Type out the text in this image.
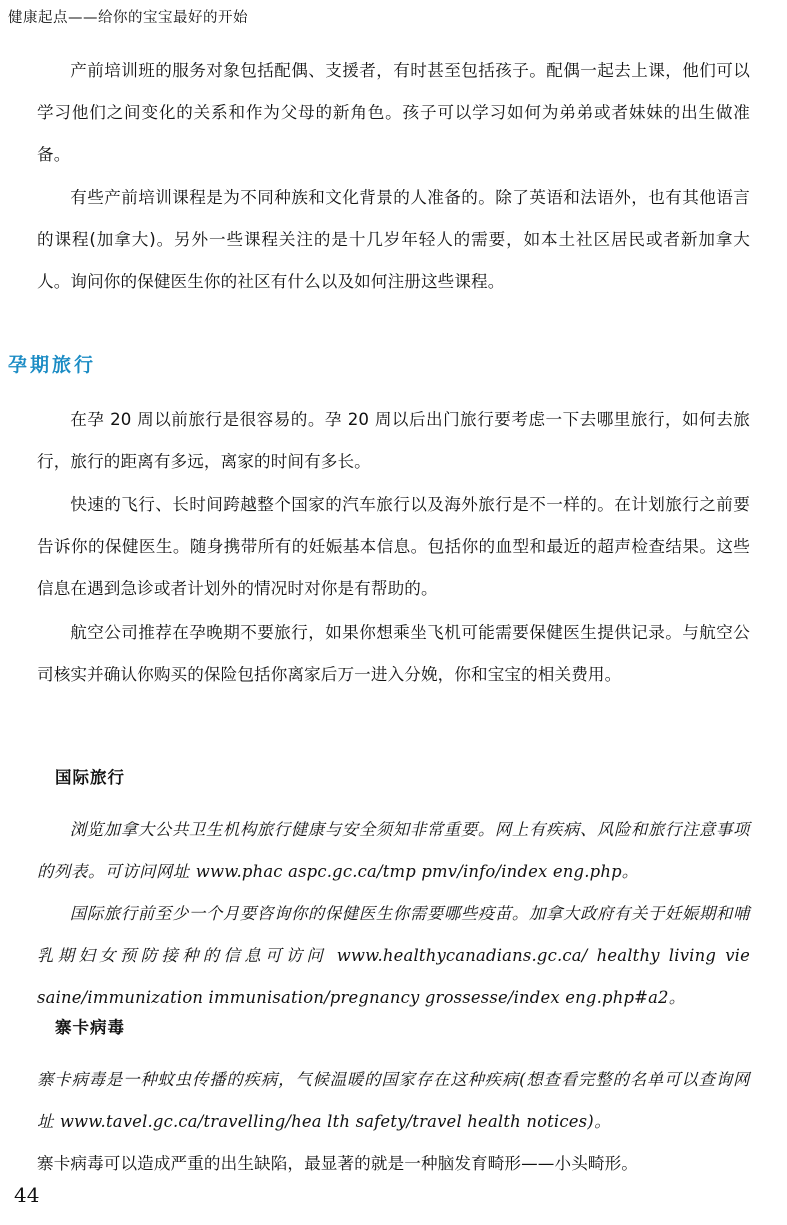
健康起点——给你的宝宝最好的开始

产前培训班的服务对象包括配偶、支援者，有时甚至包括孩子。配偶一起去上课，他们可以学习他们之间变化的关系和作为父母的新角色。孩子可以学习如何为弟弟或者妹妹的出生做准备。

有些产前培训课程是为不同种族和文化背景的人准备的。除了英语和法语外，也有其他语言的课程(加拿大)。另外一些课程关注的是十几岁年轻人的需要，如本土社区居民或者新加拿大人。询问你的保健医生你的社区有什么以及如何注册这些课程。

孕期旅行

在孕 20 周以前旅行是很容易的。孕 20 周以后出门旅行要考虑一下去哪里旅行，如何去旅行，旅行的距离有多远，离家的时间有多长。

快速的飞行、长时间跨越整个国家的汽车旅行以及海外旅行是不一样的。在计划旅行之前要告诉你的保健医生。随身携带所有的妊娠基本信息。包括你的血型和最近的超声检查结果。这些信息在遇到急诊或者计划外的情况时对你是有帮助的。

航空公司推荐在孕晚期不要旅行，如果你想乘坐飞机可能需要保健医生提供记录。与航空公司核实并确认你购买的保险包括你离家后万一进入分娩，你和宝宝的相关费用。

国际旅行

浏览加拿大公共卫生机构旅行健康与安全须知非常重要。网上有疾病、风险和旅行注意事项的列表。可访问网址 www.phac aspc.gc.ca/tmp pmv/info/index eng.php。

国际旅行前至少一个月要咨询你的保健医生你需要哪些疫苗。加拿大政府有关于妊娠期和哺乳期妇女预防接种的信息可访问 www.healthycanadians.gc.ca/ healthy living vie saine/immunization immunisation/pregnancy grossesse/index eng.php#a2。

寨卡病毒

寨卡病毒是一种蚊虫传播的疾病，气候温暖的国家存在这种疾病(想查看完整的名单可以查询网址 www.tavel.gc.ca/travelling/hea lth safety/travel health notices)。

寨卡病毒可以造成严重的出生缺陷，最显著的就是一种脑发育畸形——小头畸形。

44
